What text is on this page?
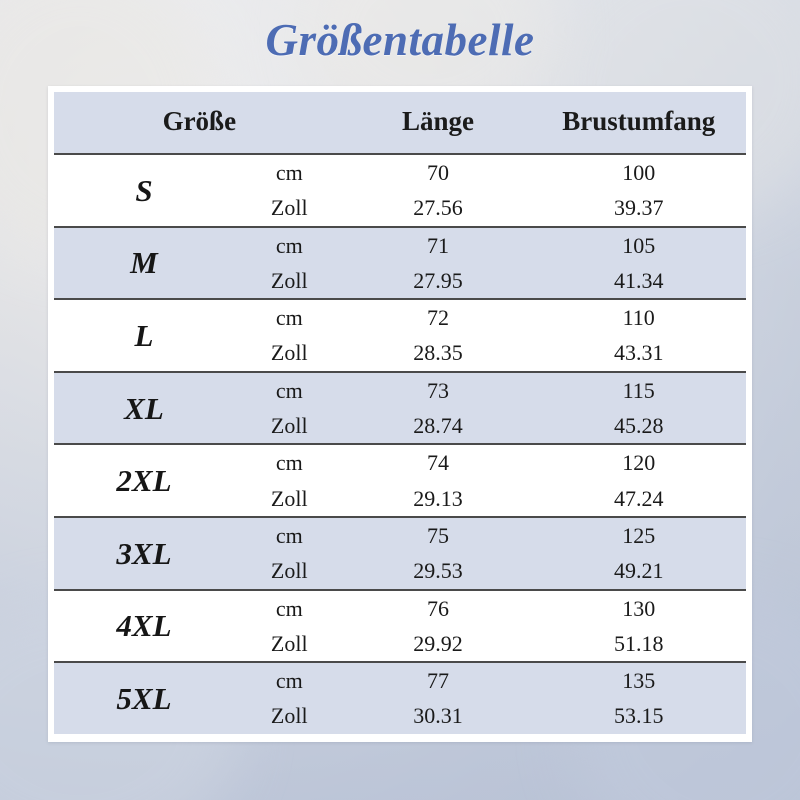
Größentabelle
Größe		Länge	Brustumfang
S	cm	70	100
	Zoll	27.56	39.37
M	cm	71	105
	Zoll	27.95	41.34
L	cm	72	110
	Zoll	28.35	43.31
XL	cm	73	115
	Zoll	28.74	45.28
2XL	cm	74	120
	Zoll	29.13	47.24
3XL	cm	75	125
	Zoll	29.53	49.21
4XL	cm	76	130
	Zoll	29.92	51.18
5XL	cm	77	135
	Zoll	30.31	53.15
